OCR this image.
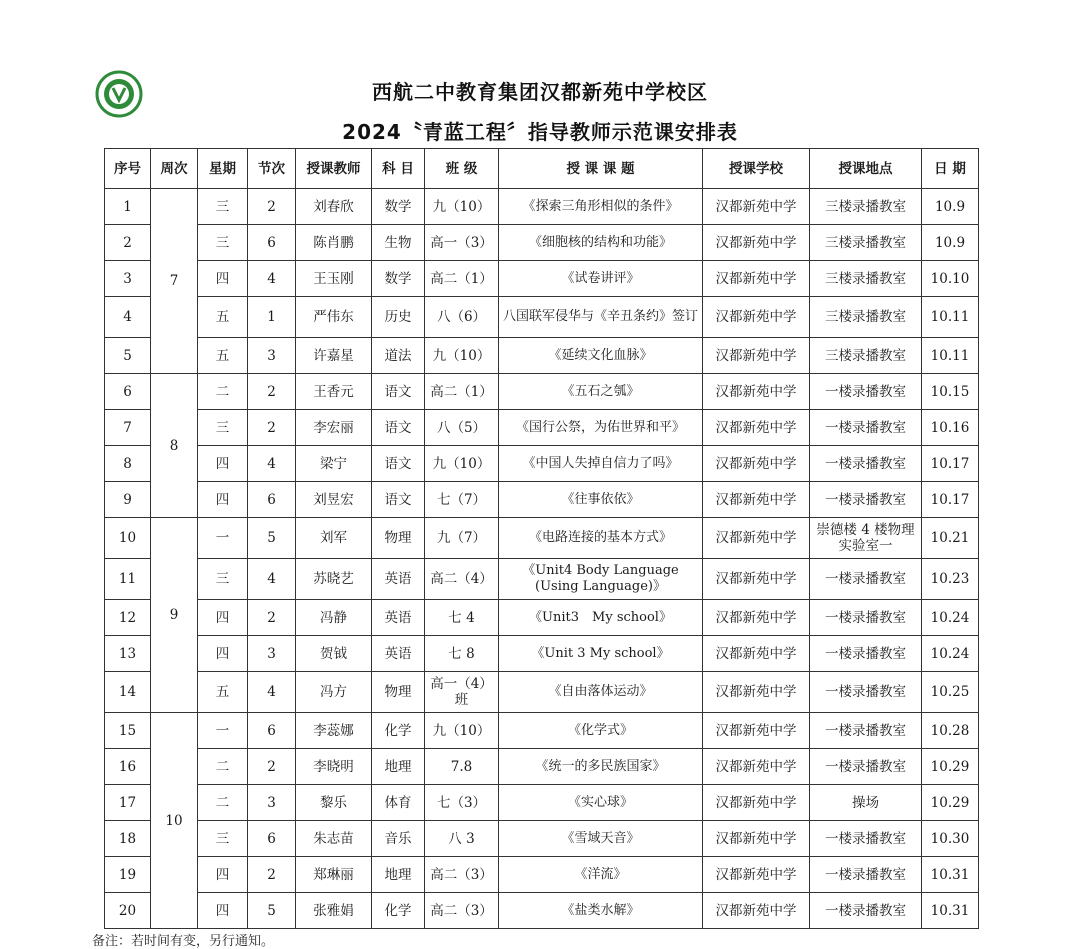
西航二中教育集团汉都新苑中学校区
2024〝青蓝工程〞指导教师示范课安排表
序号	周次	星期	节次	授课教师	科 目	班 级	授 课 课 题	授课学校	授课地点	日 期
1	7	三	2	刘春欣	数学	九（10）	《探索三角形相似的条件》	汉都新苑中学	三楼录播教室	10.9
2		三	6	陈肖鹏	生物	高一（3）	《细胞核的结构和功能》	汉都新苑中学	三楼录播教室	10.9
3		四	4	王玉刚	数学	高二（1）	《试卷讲评》	汉都新苑中学	三楼录播教室	10.10
4		五	1	严伟东	历史	八（6）	八国联军侵华与《辛丑条约》签订	汉都新苑中学	三楼录播教室	10.11
5		五	3	许嘉星	道法	九（10）	《延续文化血脉》	汉都新苑中学	三楼录播教室	10.11
6	8	二	2	王香元	语文	高二（1）	《五石之瓠》	汉都新苑中学	一楼录播教室	10.15
7		三	2	李宏丽	语文	八（5）	《国行公祭，为佑世界和平》	汉都新苑中学	一楼录播教室	10.16
8		四	4	梁宁	语文	九（10）	《中国人失掉自信力了吗》	汉都新苑中学	一楼录播教室	10.17
9		四	6	刘昱宏	语文	七（7）	《往事依依》	汉都新苑中学	一楼录播教室	10.17
10	9	一	5	刘军	物理	九（7）	《电路连接的基本方式》	汉都新苑中学	崇德楼 4 楼物理实验室一	10.21
11		三	4	苏晓艺	英语	高二（4）	《Unit4 Body Language (Using Language)》	汉都新苑中学	一楼录播教室	10.23
12		四	2	冯静	英语	七 4	《Unit3　My school》	汉都新苑中学	一楼录播教室	10.24
13		四	3	贺钺	英语	七 8	《Unit 3 My school》	汉都新苑中学	一楼录播教室	10.24
14		五	4	冯方	物理	高一（4）班	《自由落体运动》	汉都新苑中学	一楼录播教室	10.25
15	10	一	6	李蕊娜	化学	九（10）	《化学式》	汉都新苑中学	一楼录播教室	10.28
16		二	2	李晓明	地理	7.8	《统一的多民族国家》	汉都新苑中学	一楼录播教室	10.29
17		二	3	黎乐	体育	七（3）	《实心球》	汉都新苑中学	操场	10.29
18		三	6	朱志苗	音乐	八 3	《雪域天音》	汉都新苑中学	一楼录播教室	10.30
19		四	2	郑琳丽	地理	高二（3）	《洋流》	汉都新苑中学	一楼录播教室	10.31
20		四	5	张雅娟	化学	高二（3）	《盐类水解》	汉都新苑中学	一楼录播教室	10.31
备注：若时间有变，另行通知。
